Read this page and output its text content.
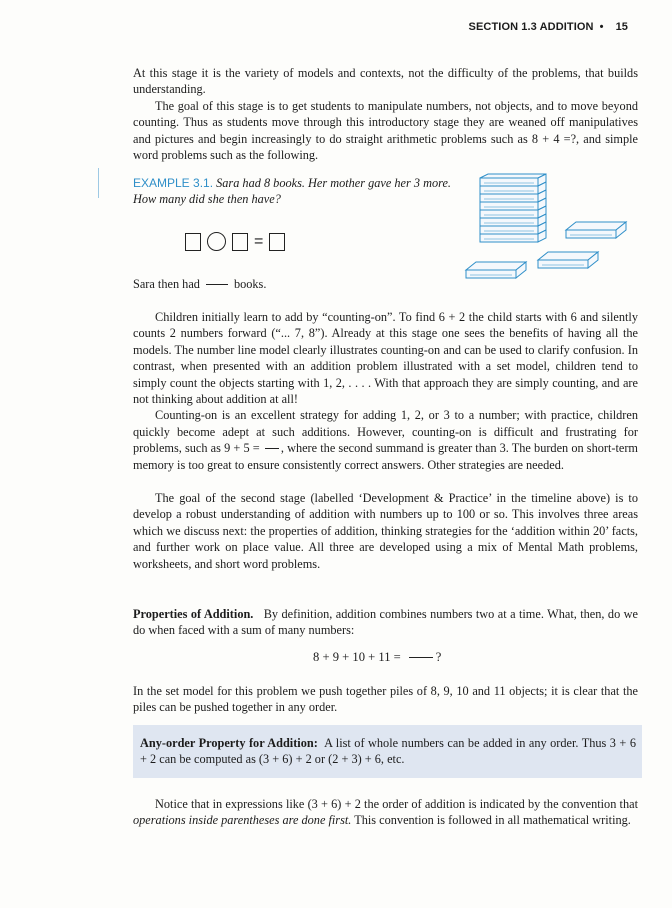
SECTION 1.3 ADDITION • 15

At this stage it is the variety of models and contexts, not the difficulty of the problems, that builds understanding.

The goal of this stage is to get students to manipulate numbers, not objects, and to move beyond counting. Thus as students move through this introductory stage they are weaned off manipulatives and pictures and begin increasingly to do straight arithmetic problems such as 8 + 4 =?, and simple word problems such as the following.

EXAMPLE 3.1. Sara had 8 books. Her mother gave her 3 more.
How many did she then have?
=
Sara then had	books.

Children initially learn to add by “counting-on”. To find 6 + 2 the child starts with 6 and silently counts 2 numbers forward (“... 7, 8”). Already at this stage one sees the benefits of having all the models. The number line model clearly illustrates counting-on and can be used to clarify confusion. In contrast, when presented with an addition problem illustrated with a set model, children tend to simply count the objects starting with 1, 2, . . . . With that approach they are simply counting, and are not thinking about addition at all!

Counting-on is an excellent strategy for adding 1, 2, or 3 to a number; with practice, children quickly become adept at such additions. However, counting-on is difficult and frustrating for problems, such as 9 + 5 = , where the second summand is greater than 3. The burden on short-term memory is too great to ensure consistently correct answers. Other strategies are needed.

The goal of the second stage (labelled ‘Development & Practice’ in the timeline above) is to develop a robust understanding of addition with numbers up to 100 or so. This involves three areas which we discuss next: the properties of addition, thinking strategies for the ‘addition within 20’ facts, and further work on place value. All three are developed using a mix of Mental Math problems, worksheets, and short word problems.

Properties of Addition. By definition, addition combines numbers two at a time. What, then, do we do when faced with a sum of many numbers:

8 + 9 + 10 + 11 =	?

In the set model for this problem we push together piles of 8, 9, 10 and 11 objects; it is clear that the piles can be pushed together in any order.

Any-order Property for Addition: A list of whole numbers can be added in any order. Thus 3 + 6 + 2 can be computed as (3 + 6) + 2 or (2 + 3) + 6, etc.

Notice that in expressions like (3 + 6) + 2 the order of addition is indicated by the convention that operations inside parentheses are done first. This convention is followed in all mathematical writing.
